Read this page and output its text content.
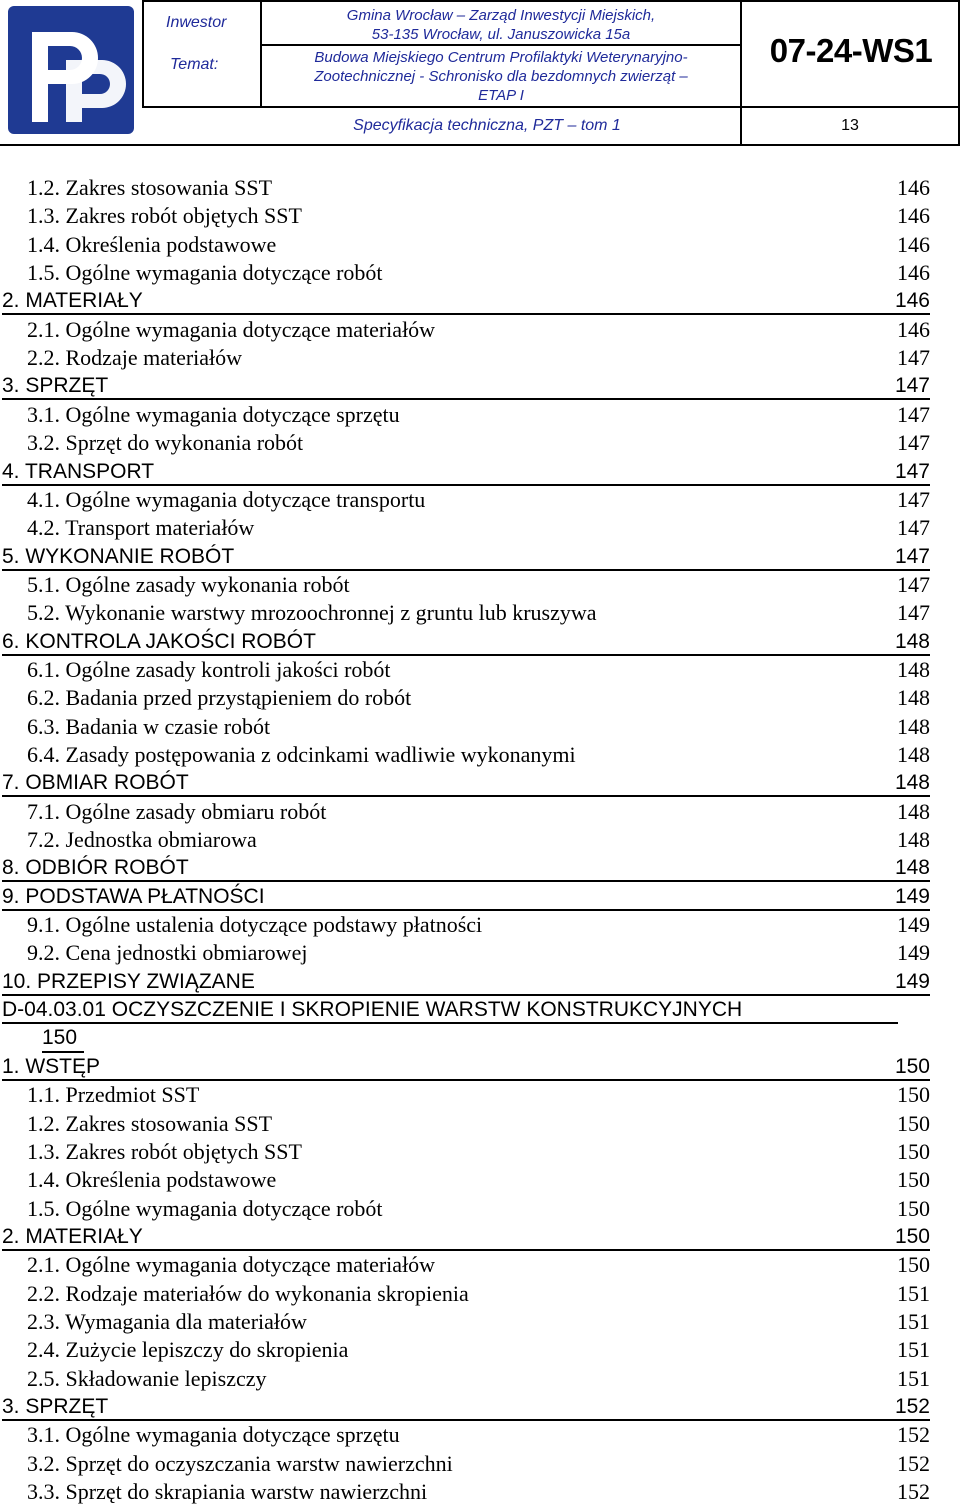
Inwestor
Temat:
Gmina Wrocław – Zarząd Inwestycji Miejskich,
53-135 Wrocław, ul. Januszowicka 15a
Budowa Miejskiego Centrum Profilaktyki Weterynaryjno-
Zootechnicznej - Schronisko dla bezdomnych zwierząt –
ETAP I
07-24-WS1
Specyfikacja techniczna, PZT – tom 1	13
1.2. Zakres stosowania SST	146
1.3. Zakres robót objętych SST	146
1.4. Określenia podstawowe	146
1.5. Ogólne wymagania dotyczące robót	146
2. MATERIAŁY	146
2.1. Ogólne wymagania dotyczące materiałów	146
2.2. Rodzaje materiałów	147
3. SPRZĘT	147
3.1. Ogólne wymagania dotyczące sprzętu	147
3.2. Sprzęt do wykonania robót	147
4. TRANSPORT	147
4.1. Ogólne wymagania dotyczące transportu	147
4.2. Transport materiałów	147
5. WYKONANIE ROBÓT	147
5.1. Ogólne zasady wykonania robót	147
5.2. Wykonanie warstwy mrozoochronnej z gruntu lub kruszywa	147
6. KONTROLA JAKOŚCI ROBÓT	148
6.1. Ogólne zasady kontroli jakości robót	148
6.2. Badania przed przystąpieniem do robót	148
6.3. Badania w czasie robót	148
6.4. Zasady postępowania z odcinkami wadliwie wykonanymi	148
7. OBMIAR ROBÓT	148
7.1. Ogólne zasady obmiaru robót	148
7.2. Jednostka obmiarowa	148
8. ODBIÓR ROBÓT	148
9. PODSTAWA PŁATNOŚCI	149
9.1. Ogólne ustalenia dotyczące podstawy płatności	149
9.2. Cena jednostki obmiarowej	149
10. PRZEPISY ZWIĄZANE	149
D-04.03.01 OCZYSZCZENIE I SKROPIENIE WARSTW KONSTRUKCYJNYCH
150
1. WSTĘP	150
1.1. Przedmiot SST	150
1.2. Zakres stosowania SST	150
1.3. Zakres robót objętych SST	150
1.4. Określenia podstawowe	150
1.5. Ogólne wymagania dotyczące robót	150
2. MATERIAŁY	150
2.1. Ogólne wymagania dotyczące materiałów	150
2.2. Rodzaje materiałów do wykonania skropienia	151
2.3. Wymagania dla materiałów	151
2.4. Zużycie lepiszczy do skropienia	151
2.5. Składowanie lepiszczy	151
3. SPRZĘT	152
3.1. Ogólne wymagania dotyczące sprzętu	152
3.2. Sprzęt do oczyszczania warstw nawierzchni	152
3.3. Sprzęt do skrapiania warstw nawierzchni	152
